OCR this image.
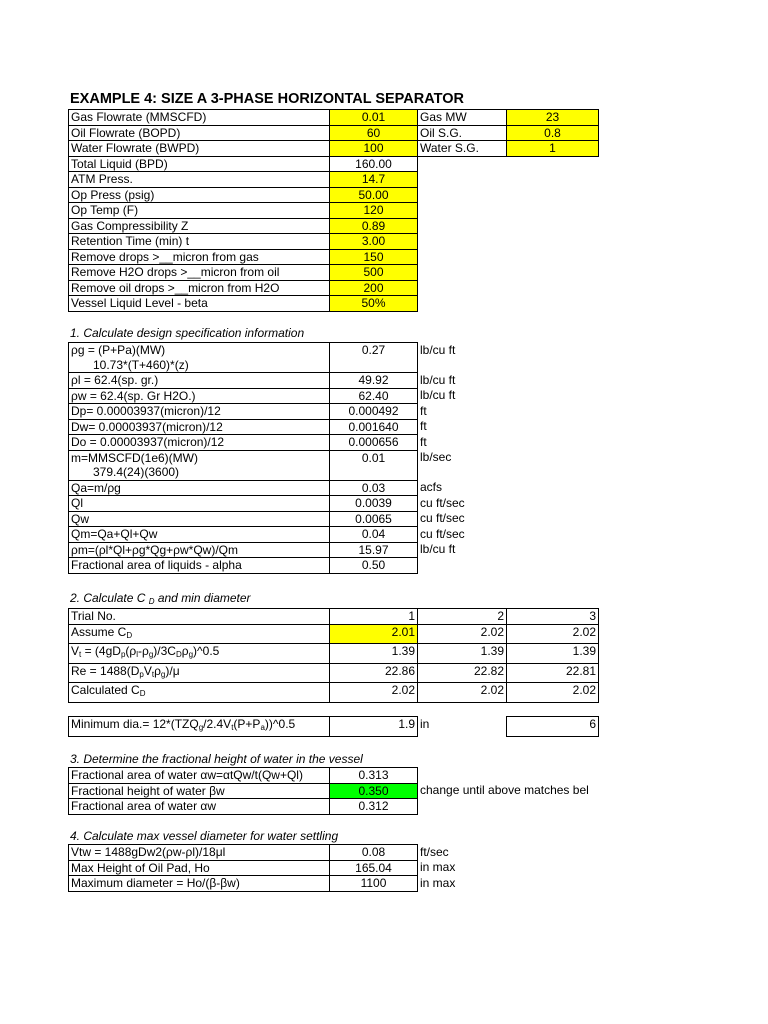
EXAMPLE 4: SIZE A 3-PHASE HORIZONTAL SEPARATOR
Gas Flowrate (MMSCFD)	0.01	Gas MW	23
Oil Flowrate (BOPD)	60	Oil S.G.	0.8
Water Flowrate (BWPD)	100	Water S.G.	1
Total Liquid (BPD)	160.00		
ATM Press.	14.7		
Op Press (psig)	50.00		
Op Temp (F)	120		
Gas Compressibility Z	0.89		
Retention Time (min) t	3.00		
Remove drops >__micron from gas	150		
Remove H2O drops >__micron from oil	500		
Remove oil drops >__micron from H2O	200		
Vessel Liquid Level - beta	50%		
1. Calculate design specification information
ρg = (P+Pa)(MW)
10.73*(T+460)*(z)	0.27	lb/cu ft
ρl = 62.4(sp. gr.)	49.92	lb/cu ft
ρw = 62.4(sp. Gr H2O.)	62.40	lb/cu ft
Dp= 0.00003937(micron)/12	0.000492	ft
Dw= 0.00003937(micron)/12	0.001640	ft
Do = 0.00003937(micron)/12	0.000656	ft
m=MMSCFD(1e6)(MW)
379.4(24)(3600)	0.01	lb/sec
Qa=m/ρg	0.03	acfs
Ql	0.0039	cu ft/sec
Qw	0.0065	cu ft/sec
Qm=Qa+Ql+Qw	0.04	cu ft/sec
ρm=(ρl*Ql+ρg*Qg+ρw*Qw)/Qm	15.97	lb/cu ft
Fractional area of liquids - alpha	0.50	
2. Calculate C $_D$ and min diameter
Trial No.	1	2	3
Assume $C_D$	2.01	2.02	2.02
$V_t$ = $(4gD_p(\rho_l-\rho_g)/3C_D\rho_g)\^{}0.5$	1.39	1.39	1.39
$Re = 1488(D_pV_t\rho_g)/\mu$	22.86	22.82	22.81
Calculated $C_D$	2.02	2.02	2.02
Minimum $dia.= 12*(TZQ_g/2.4V_t(P+P_a))\^{}0.5$	1.9	in	6
3. Determine the fractional height of water in the vessel
Fractional area of water αw=αtQw/t(Qw+Ql)	0.313	
Fractional height of water βw	0.350	change until above matches bel
Fractional area of water αw	0.312	
4. Calculate max vessel diameter for water settling
Vtw = 1488gDw2(ρw-ρl)/18μl	0.08	ft/sec
Max Height of Oil Pad, Ho	165.04	in max
Maximum diameter = Ho/(β-βw)	1100	in max
